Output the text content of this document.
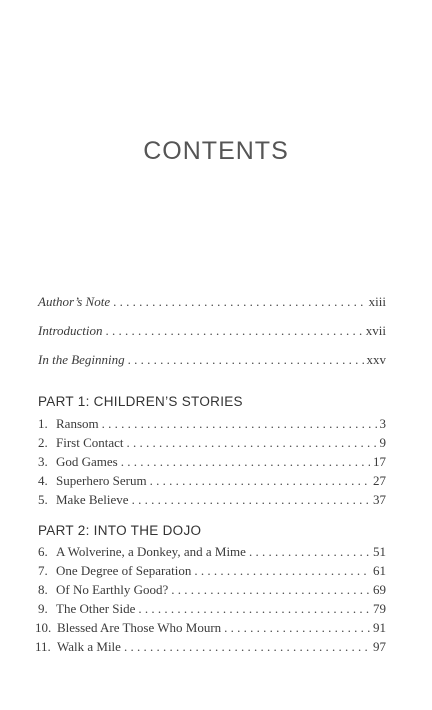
CONTENTS
Author’s Note . . .	xiii
Introduction . . .	xvii
In the Beginning . . .	xxv
PART 1: CHILDREN’S STORIES
1. Ransom . . .	3
2. First Contact . . .	9
3. God Games . . .	17
4. Superhero Serum . . .	27
5. Make Believe . . .	37
PART 2: INTO THE DOJO
6. A Wolverine, a Donkey, and a Mime . . .	51
7. One Degree of Separation . . .	61
8. Of No Earthly Good? . . .	69
9. The Other Side . . .	79
10. Blessed Are Those Who Mourn . . .	91
11. Walk a Mile . . .	97
